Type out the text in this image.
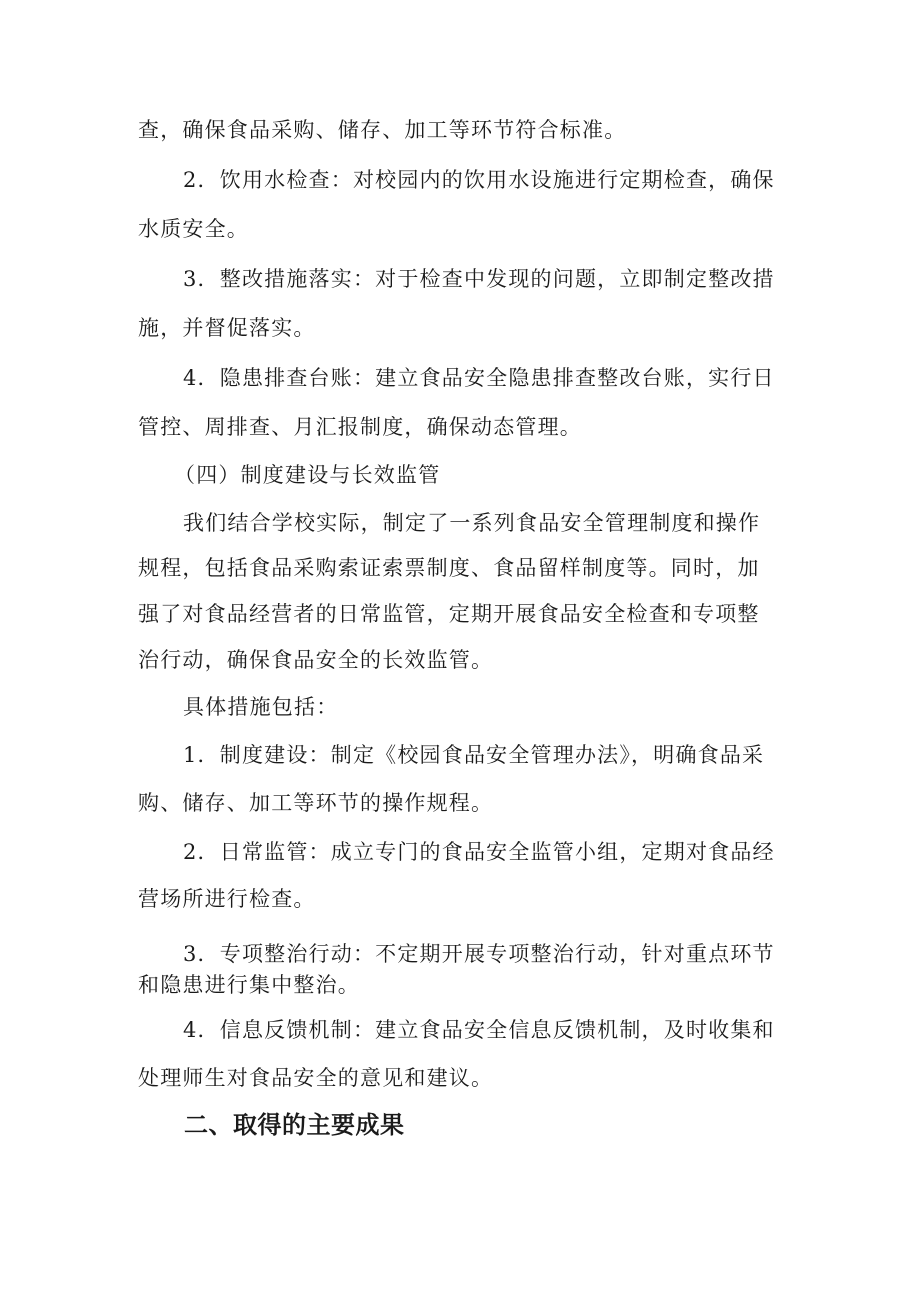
查，确保食品采购、储存、加工等环节符合标准。
2．饮用水检查：对校园内的饮用水设施进行定期检查，确保
水质安全。
3．整改措施落实：对于检查中发现的问题，立即制定整改措
施，并督促落实。
4．隐患排查台账：建立食品安全隐患排查整改台账，实行日
管控、周排查、月汇报制度，确保动态管理。
（四）制度建设与长效监管
我们结合学校实际，制定了一系列食品安全管理制度和操作
规程，包括食品采购索证索票制度、食品留样制度等。同时，加
强了对食品经营者的日常监管，定期开展食品安全检查和专项整
治行动，确保食品安全的长效监管。
具体措施包括：
1．制度建设：制定《校园食品安全管理办法》，明确食品采
购、储存、加工等环节的操作规程。
2．日常监管：成立专门的食品安全监管小组，定期对食品经
营场所进行检查。
3．专项整治行动：不定期开展专项整治行动，针对重点环节
和隐患进行集中整治。
4．信息反馈机制：建立食品安全信息反馈机制，及时收集和
处理师生对食品安全的意见和建议。
二、取得的主要成果
